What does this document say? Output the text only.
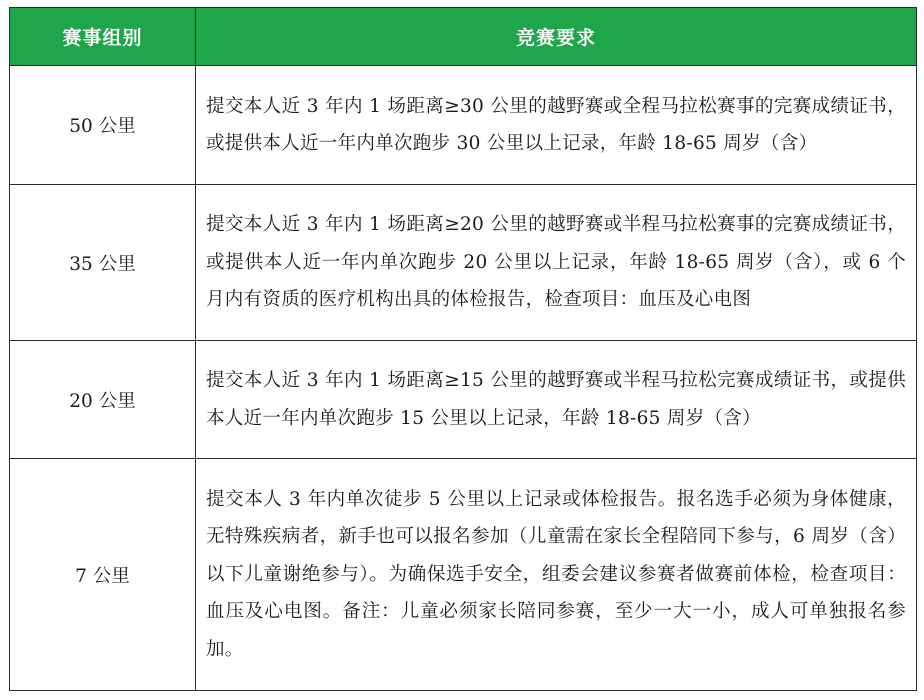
赛事组别	竞赛要求
50 公里	提交本人近 3 年内 1 场距离≥30 公里的越野赛或全程马拉松赛事的完赛成绩证书，或提供本人近一年内单次跑步 30 公里以上记录，年龄 18-65 周岁（含）
35 公里	提交本人近 3 年内 1 场距离≥20 公里的越野赛或半程马拉松赛事的完赛成绩证书，或提供本人近一年内单次跑步 20 公里以上记录，年龄 18-65 周岁（含），或 6 个月内有资质的医疗机构出具的体检报告，检查项目：血压及心电图
20 公里	提交本人近 3 年内 1 场距离≥15 公里的越野赛或半程马拉松完赛成绩证书，或提供本人近一年内单次跑步 15 公里以上记录，年龄 18-65 周岁（含）
7 公里	提交本人 3 年内单次徒步 5 公里以上记录或体检报告。报名选手必须为身体健康，无特殊疾病者，新手也可以报名参加（儿童需在家长全程陪同下参与，6 周岁（含）以下儿童谢绝参与）。为确保选手安全，组委会建议参赛者做赛前体检，检查项目：血压及心电图。备注：儿童必须家长陪同参赛，至少一大一小，成人可单独报名参加。
